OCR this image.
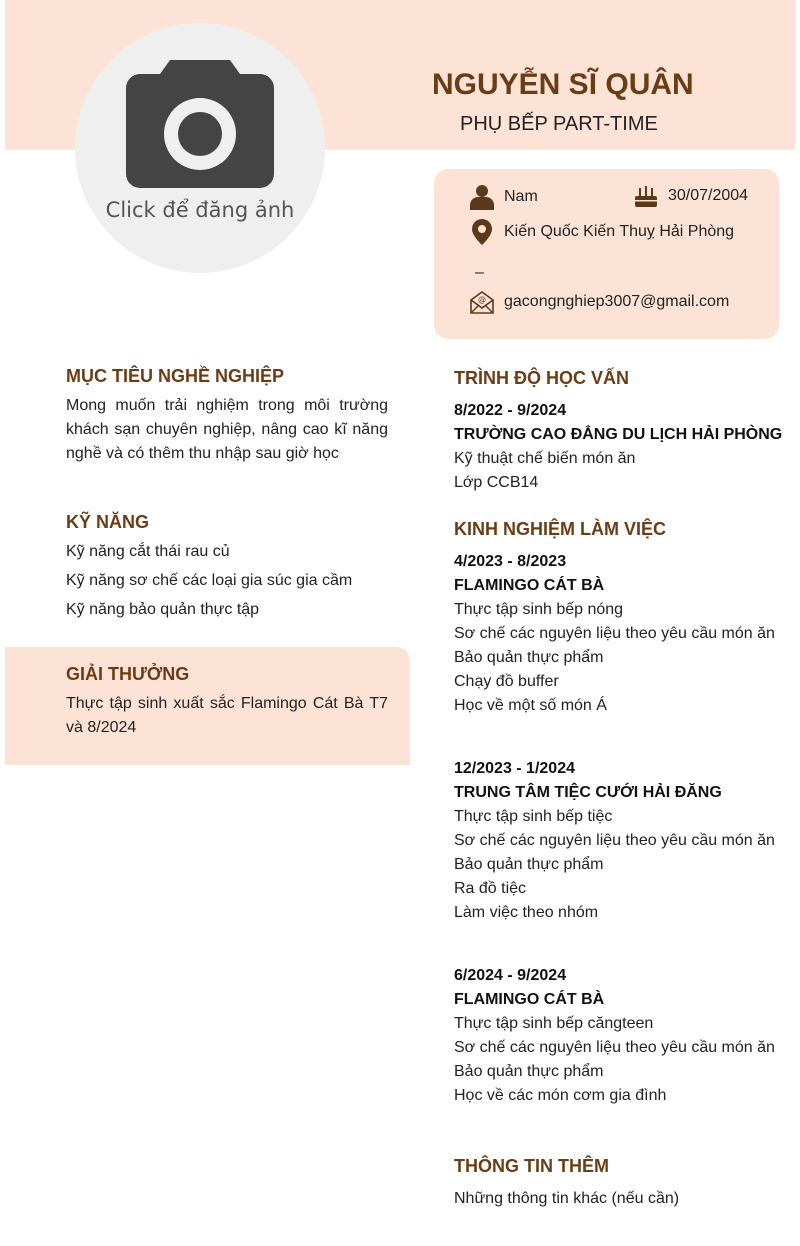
Click để đăng ảnh
NGUYỄN SĨ QUÂN
PHỤ BẾP PART-TIME
Nam	30/07/2004
Kiến Quốc Kiến Thuỵ Hải Phòng
–
@ gacongnghiep3007@gmail.com
MỤC TIÊU NGHỀ NGHIỆP
Mong muốn trải nghiệm trong môi trường khách sạn chuyên nghiệp, nâng cao kĩ năng nghề và có thêm thu nhập sau giờ học
KỸ NĂNG
Kỹ năng cắt thái rau củ
Kỹ năng sơ chế các loại gia súc gia cầm
Kỹ năng bảo quản thực tập
GIẢI THƯỞNG
Thực tập sinh xuất sắc Flamingo Cát Bà T7 và 8/2024
TRÌNH ĐỘ HỌC VẤN
8/2022 - 9/2024
TRƯỜNG CAO ĐẲNG DU LỊCH HẢI PHÒNG
Kỹ thuật chế biến món ăn
Lớp CCB14
KINH NGHIỆM LÀM VIỆC
4/2023 - 8/2023
FLAMINGO CÁT BÀ
Thực tập sinh bếp nóng
Sơ chế các nguyên liệu theo yêu cầu món ăn
Bảo quản thực phẩm
Chạy đồ buffer
Học về một số món Á
12/2023 - 1/2024
TRUNG TÂM TIỆC CƯỚI HẢI ĐĂNG
Thực tập sinh bếp tiệc
Sơ chế các nguyên liệu theo yêu cầu món ăn
Bảo quản thực phẩm
Ra đồ tiệc
Làm việc theo nhóm
6/2024 - 9/2024
FLAMINGO CÁT BÀ
Thực tập sinh bếp căngteen
Sơ chế các nguyên liệu theo yêu cầu món ăn
Bảo quản thực phẩm
Học về các món cơm gia đình
THÔNG TIN THÊM
Những thông tin khác (nếu cần)
